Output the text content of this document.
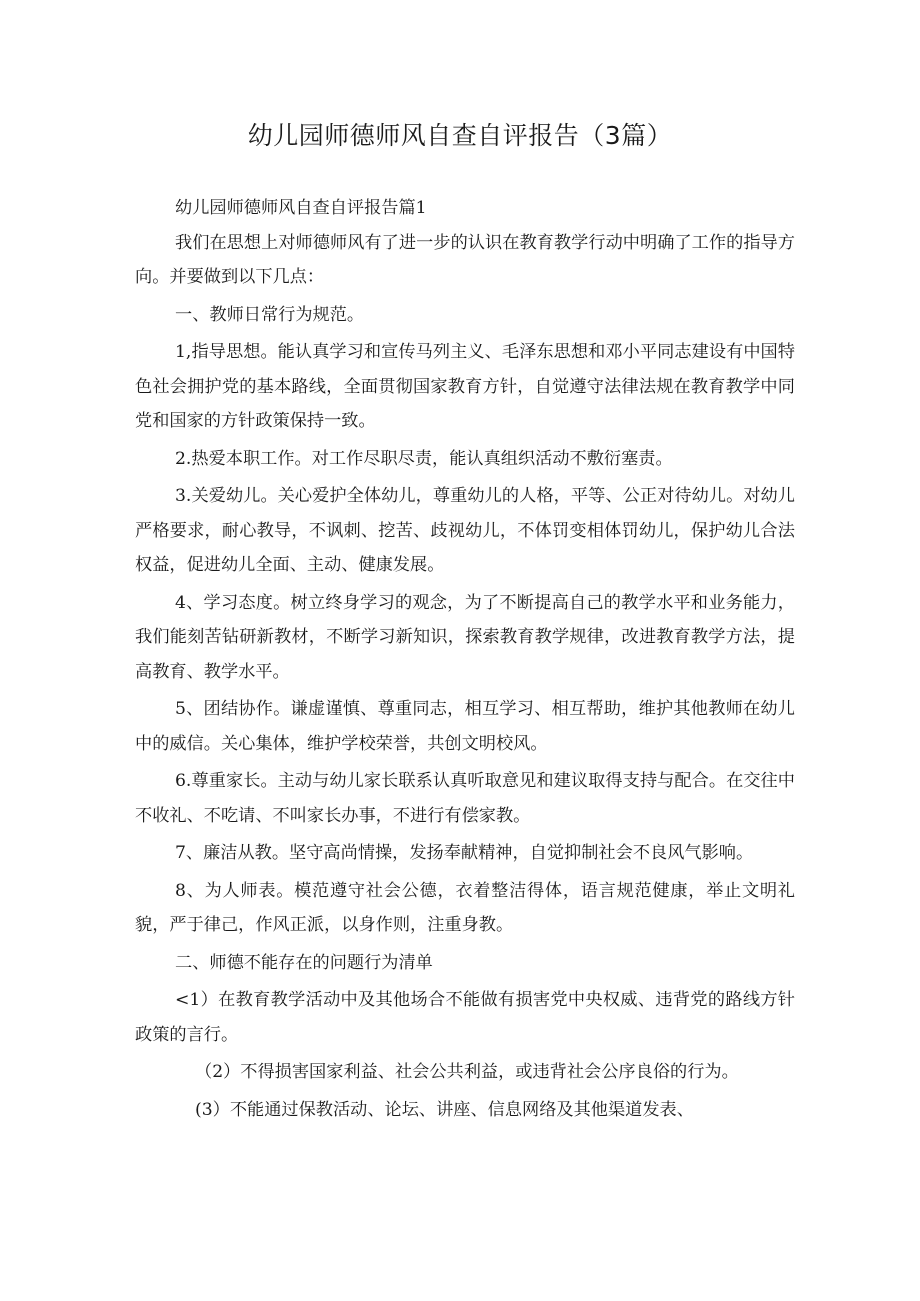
幼儿园师德师风自查自评报告（3篇）

幼儿园师德师风自查自评报告篇1

我们在思想上对师德师风有了进一步的认识在教育教学行动中明确了工作的指导方向。并要做到以下几点：

一、教师日常行为规范。

1,指导思想。能认真学习和宣传马列主义、毛泽东思想和邓小平同志建设有中国特色社会拥护党的基本路线，全面贯彻国家教育方针，自觉遵守法律法规在教育教学中同党和国家的方针政策保持一致。

2.热爱本职工作。对工作尽职尽责，能认真组织活动不敷衍塞责。

3.关爱幼儿。关心爱护全体幼儿，尊重幼儿的人格，平等、公正对待幼儿。对幼儿严格要求，耐心教导，不讽刺、挖苦、歧视幼儿，不体罚变相体罚幼儿，保护幼儿合法权益，促进幼儿全面、主动、健康发展。

4、学习态度。树立终身学习的观念，为了不断提高自己的教学水平和业务能力，我们能刻苦钻研新教材，不断学习新知识，探索教育教学规律，改进教育教学方法，提高教育、教学水平。

5、团结协作。谦虚谨慎、尊重同志，相互学习、相互帮助，维护其他教师在幼儿中的威信。关心集体，维护学校荣誉，共创文明校风。

6.尊重家长。主动与幼儿家长联系认真听取意见和建议取得支持与配合。在交往中不收礼、不吃请、不叫家长办事，不进行有偿家教。

7、廉洁从教。坚守高尚情操，发扬奉献精神，自觉抑制社会不良风气影响。

8、为人师表。模范遵守社会公德，衣着整洁得体，语言规范健康，举止文明礼貌，严于律己，作风正派，以身作则，注重身教。

二、师德不能存在的问题行为清单

<1）在教育教学活动中及其他场合不能做有损害党中央权威、违背党的路线方针政策的言行。

（2）不得损害国家利益、社会公共利益，或违背社会公序良俗的行为。

(3）不能通过保教活动、论坛、讲座、信息网络及其他渠道发表、
